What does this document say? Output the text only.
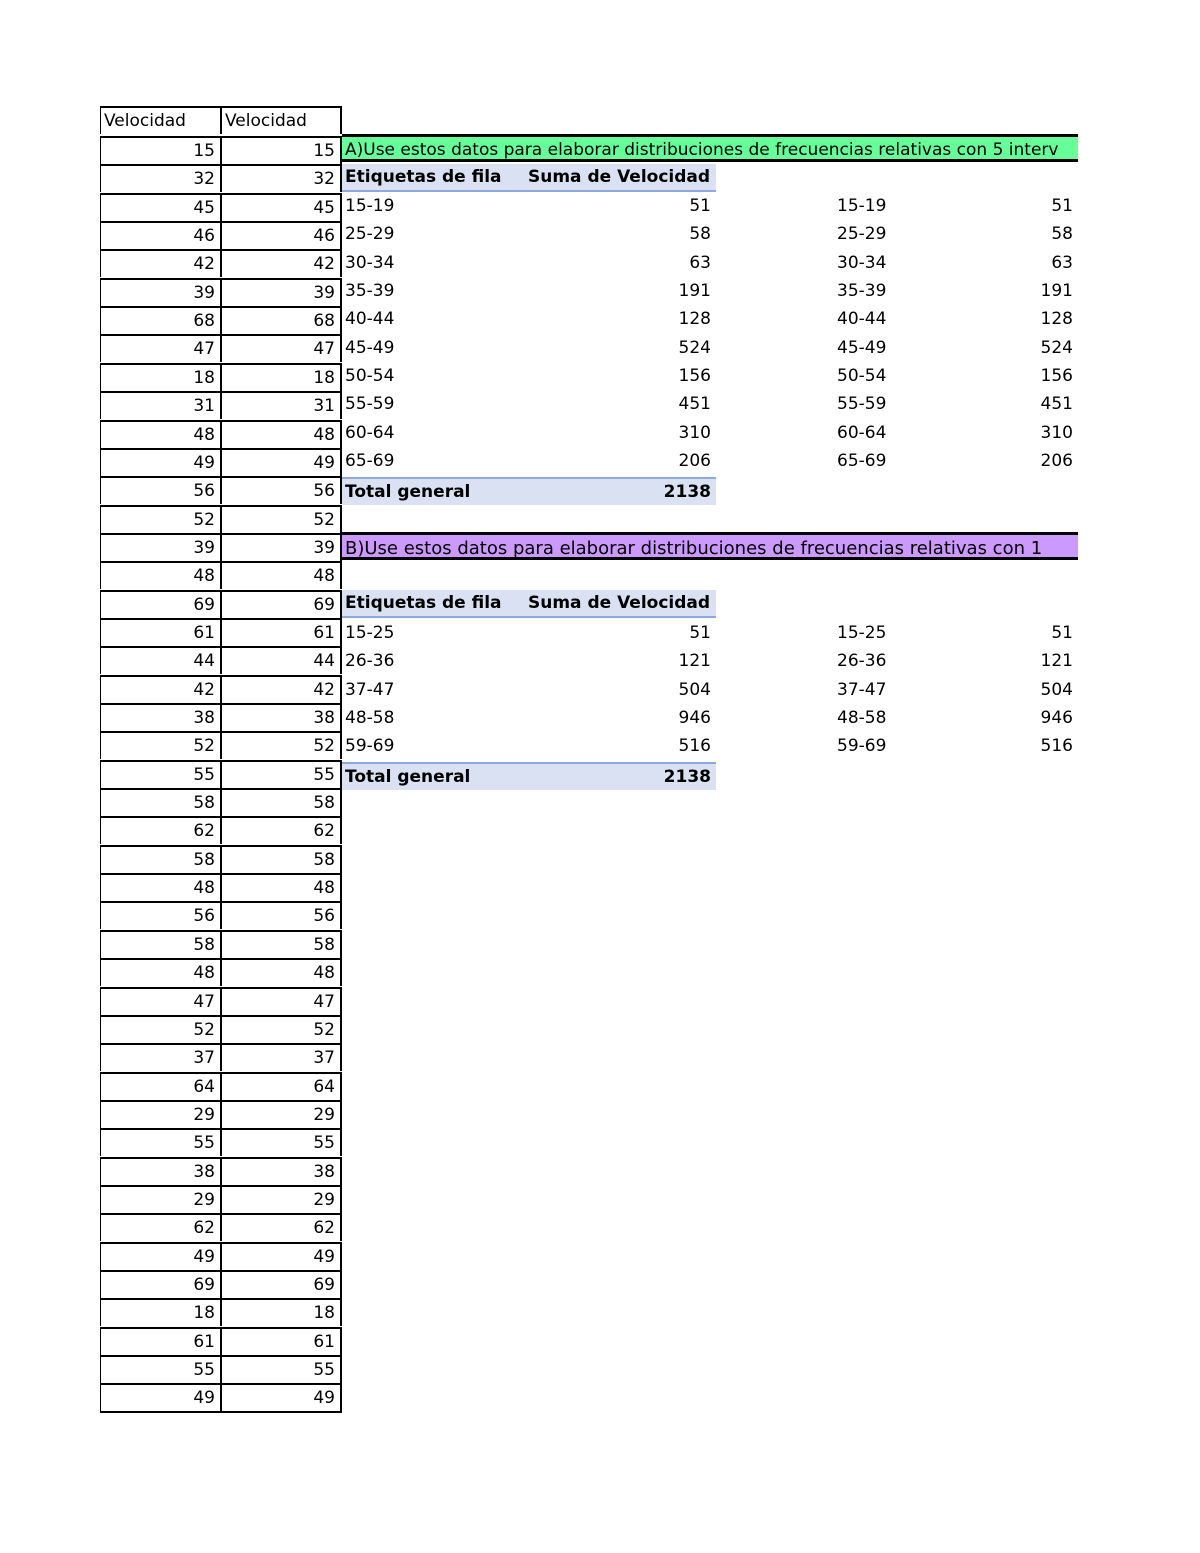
Velocidad	Velocidad
15	15
32	32
45	45
46	46
42	42
39	39
68	68
47	47
18	18
31	31
48	48
49	49
56	56
52	52
39	39
48	48
69	69
61	61
44	44
42	42
38	38
52	52
55	55
58	58
62	62
58	58
48	48
56	56
58	58
48	48
47	47
52	52
37	37
64	64
29	29
55	55
38	38
29	29
62	62
49	49
69	69
18	18
61	61
55	55
49	49
A)Use estos datos para elaborar distribuciones de frecuencias relativas con 5 interv
Etiquetas de fila	Suma de Velocidad
15-19	51	15-19	51
25-29	58	25-29	58
30-34	63	30-34	63
35-39	191	35-39	191
40-44	128	40-44	128
45-49	524	45-49	524
50-54	156	50-54	156
55-59	451	55-59	451
60-64	310	60-64	310
65-69	206	65-69	206
Total general	2138
B)Use estos datos para elaborar distribuciones de frecuencias relativas con 1
Etiquetas de fila	Suma de Velocidad
15-25	51	15-25	51
26-36	121	26-36	121
37-47	504	37-47	504
48-58	946	48-58	946
59-69	516	59-69	516
Total general	2138
